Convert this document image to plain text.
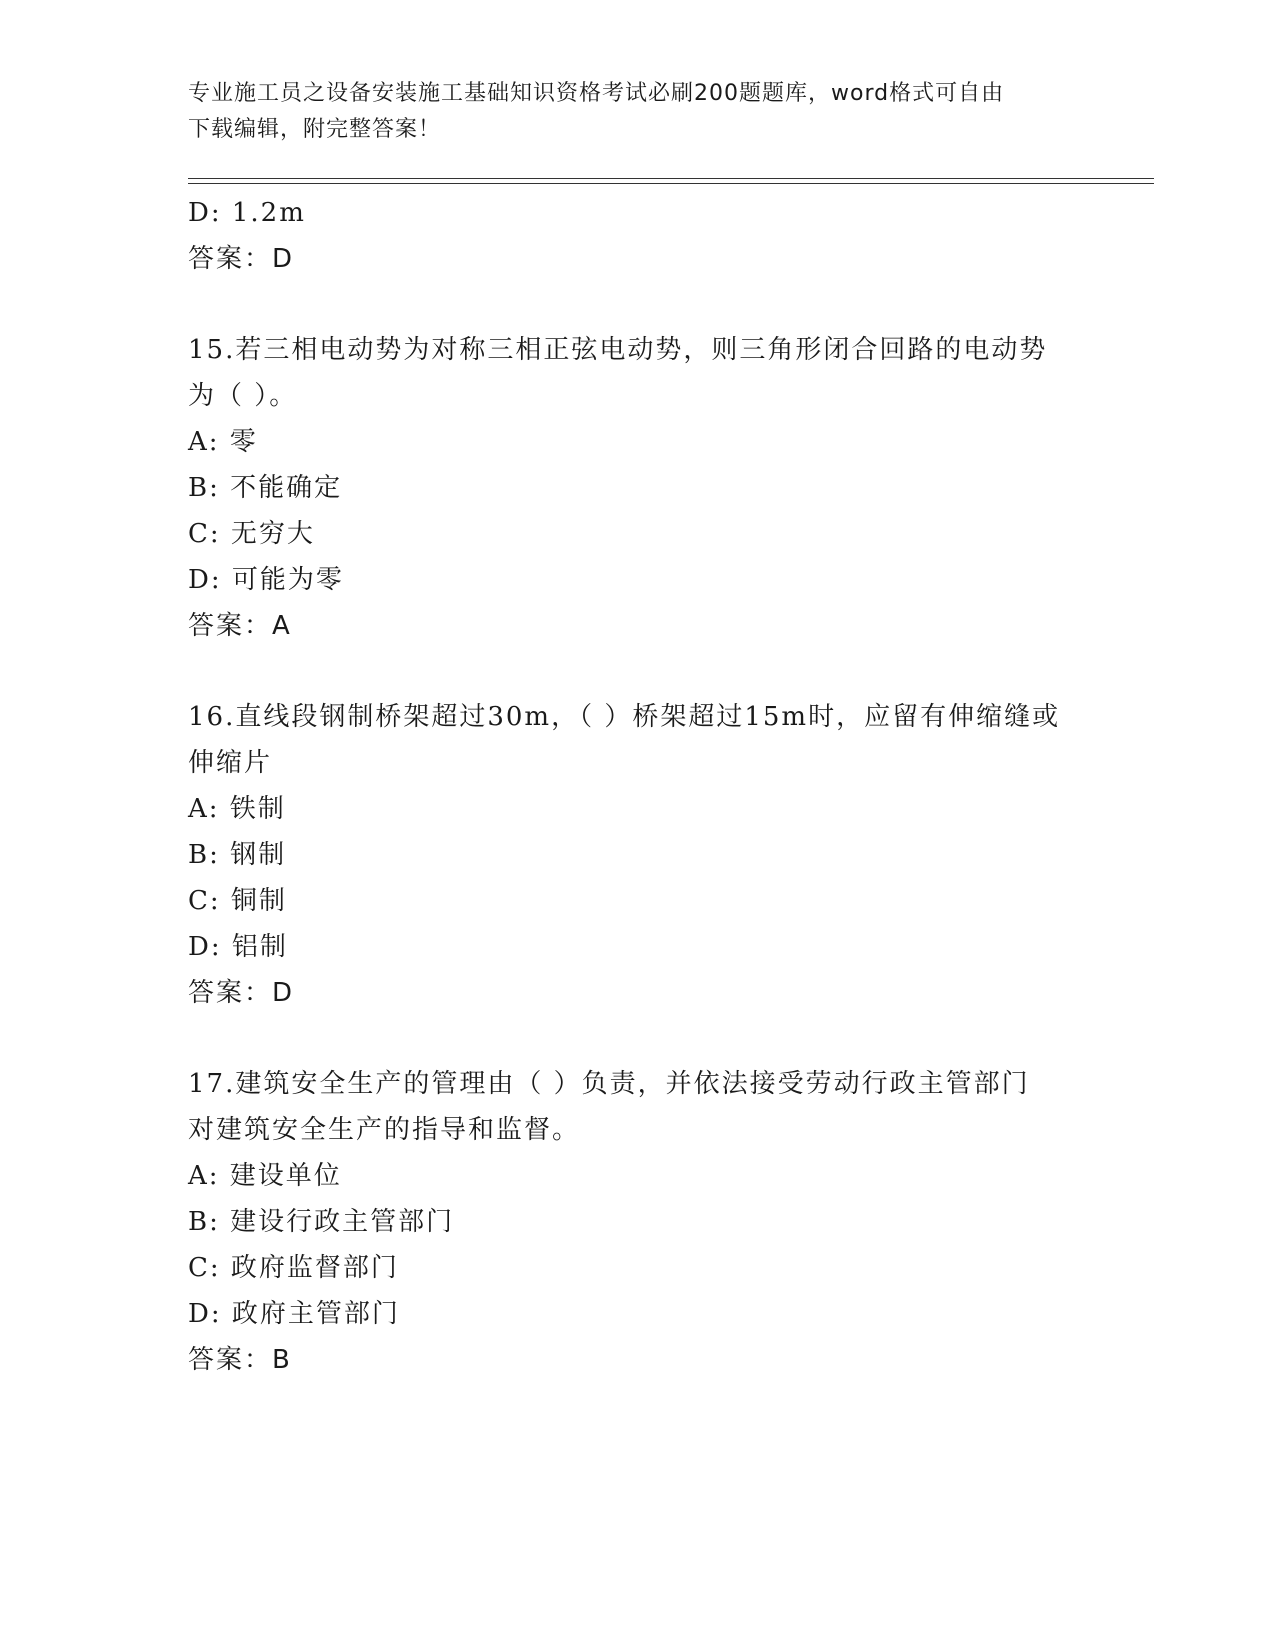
专业施工员之设备安装施工基础知识资格考试必刷200题题库，word格式可自由
下载编辑，附完整答案！
D: 1.2m
答案：D
15.若三相电动势为对称三相正弦电动势，则三角形闭合回路的电动势
为（ ）。
A: 零
B: 不能确定
C: 无穷大
D: 可能为零
答案：A
16.直线段钢制桥架超过30m，（ ）桥架超过15m时，应留有伸缩缝或
伸缩片
A: 铁制
B: 钢制
C: 铜制
D: 铝制
答案：D
17.建筑安全生产的管理由（ ）负责，并依法接受劳动行政主管部门
对建筑安全生产的指导和监督。
A: 建设单位
B: 建设行政主管部门
C: 政府监督部门
D: 政府主管部门
答案：B
